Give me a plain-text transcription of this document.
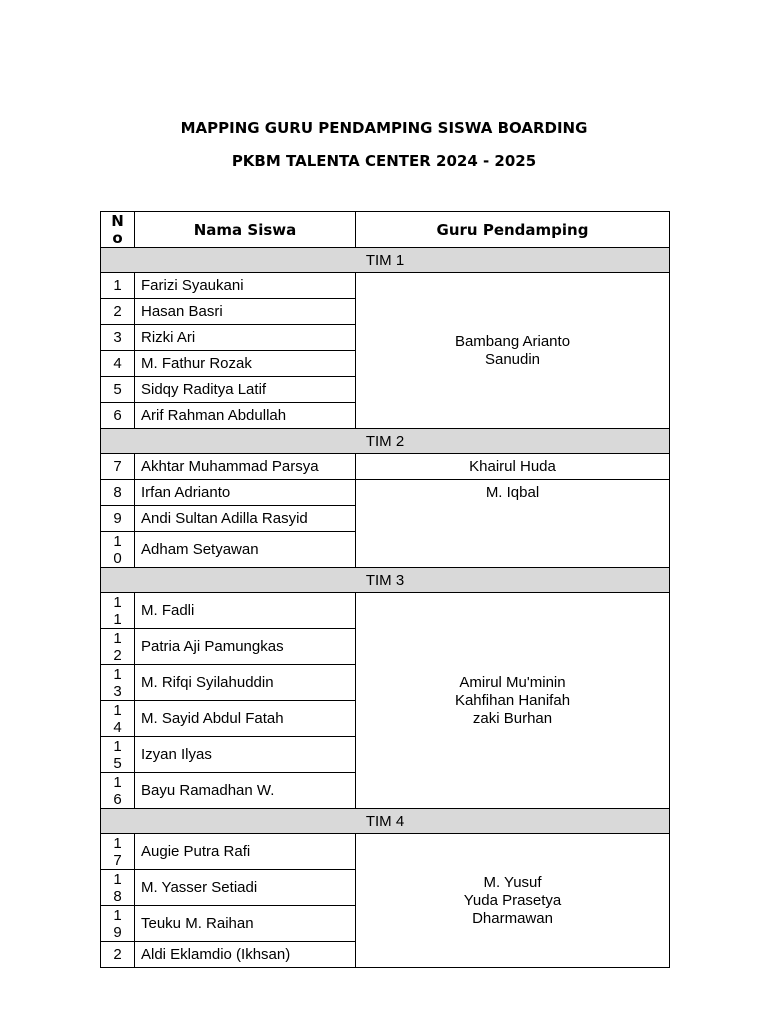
MAPPING GURU PENDAMPING SISWA BOARDING
PKBM TALENTA CENTER 2024 - 2025
No	Nama Siswa	Guru Pendamping
TIM 1		
1	Farizi Syaukani	Bambang Arianto
Sanudin

2	Hasan Basri	
3	Rizki Ari	
4	M. Fathur Rozak	
5	Sidqy Raditya Latif	
6	Arif Rahman Abdullah	
TIM 2		
7	Akhtar Muhammad Parsya	Khairul Huda

8	Irfan Adrianto	M. Iqbal

9	Andi Sultan Adilla Rasyid	
10	Adham Setyawan	
TIM 3		
11	M. Fadli	Amirul Mu'minin
Kahfihan Hanifah
zaki Burhan

12	Patria Aji Pamungkas	
13	M. Rifqi Syilahuddin	
14	M. Sayid Abdul Fatah	
15	Izyan Ilyas	
16	Bayu Ramadhan W.	
TIM 4		
17	Augie Putra Rafi	M. Yusuf
Yuda Prasetya
Dharmawan

18	M. Yasser Setiadi	
19	Teuku M. Raihan	
2	Aldi Eklamdio (Ikhsan)	
